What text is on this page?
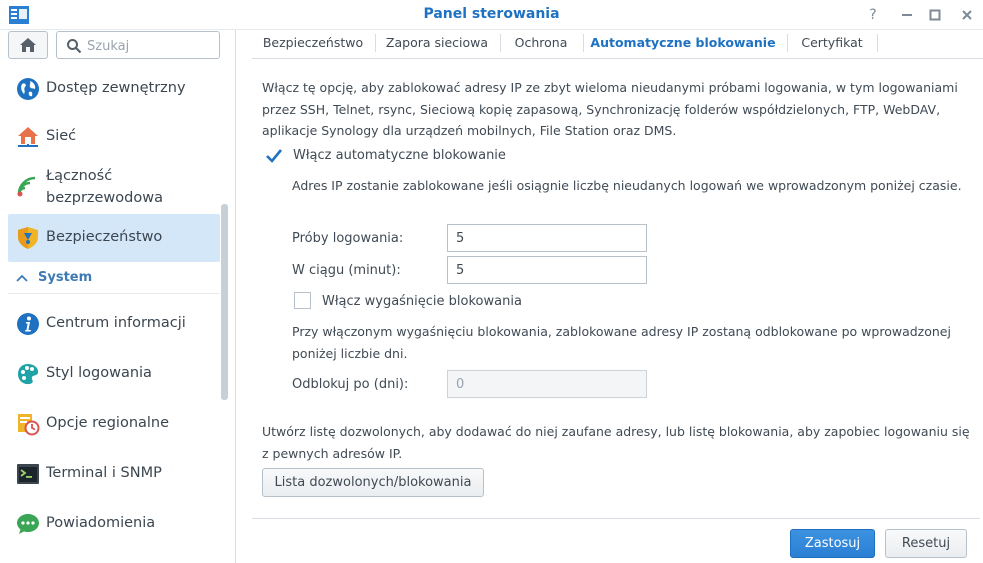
Panel sterowania	?
Szukaj
Dostęp zewnętrzny
Sieć
Łączność
bezprzewodowa
Bezpieczeństwo
System
Centrum informacji
Styl logowania
Opcje regionalne
Terminal i SNMP
Powiadomienia
Bezpieczeństwo	Zapora sieciowa	Ochrona	Automatyczne blokowanie	Certyfikat
Włącz tę opcję, aby zablokować adresy IP ze zbyt wieloma nieudanymi próbami logowania, w tym logowaniami przez SSH, Telnet, rsync, Sieciową kopię zapasową, Synchronizację folderów współdzielonych, FTP, WebDAV, aplikacje Synology dla urządzeń mobilnych, File Station oraz DMS.
Włącz automatyczne blokowanie
Adres IP zostanie zablokowane jeśli osiągnie liczbę nieudanych logowań we wprowadzonym poniżej czasie.
Próby logowania:
5
W ciągu (minut):
5
Włącz wygaśnięcie blokowania
Przy włączonym wygaśnięciu blokowania, zablokowane adresy IP zostaną odblokowane po wprowadzonej poniżej liczbie dni.
Odblokuj po (dni):
0
Utwórz listę dozwolonych, aby dodawać do niej zaufane adresy, lub listę blokowania, aby zapobiec logowaniu się z pewnych adresów IP.
Lista dozwolonych/blokowania
Zastosuj	Resetuj
